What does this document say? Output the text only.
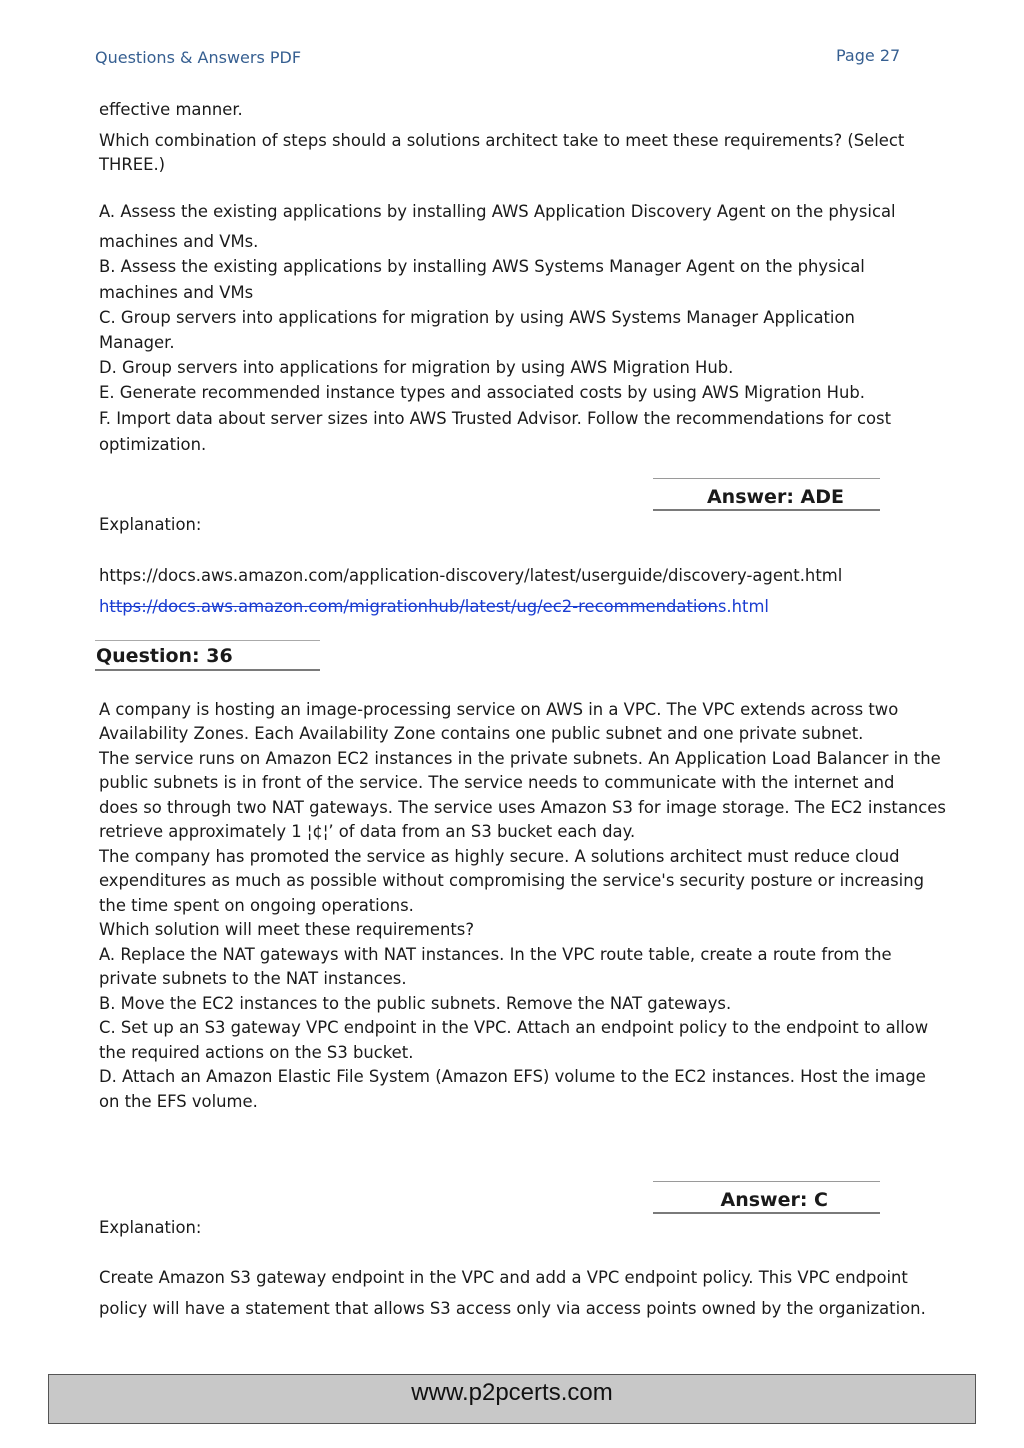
Questions & Answers PDF	Page 27
effective manner.
Which combination of steps should a solutions architect take to meet these requirements? (Select
THREE.)
A. Assess the existing applications by installing AWS Application Discovery Agent on the physical
machines and VMs.
B. Assess the existing applications by installing AWS Systems Manager Agent on the physical
machines and VMs
C. Group servers into applications for migration by using AWS Systems Manager Application
Manager.
D. Group servers into applications for migration by using AWS Migration Hub.
E. Generate recommended instance types and associated costs by using AWS Migration Hub.
F. Import data about server sizes into AWS Trusted Advisor. Follow the recommendations for cost
optimization.
Answer: ADE
Explanation:
https://docs.aws.amazon.com/application-discovery/latest/userguide/discovery-agent.html
https://docs.aws.amazon.com/migrationhub/latest/ug/ec2-recommendations.html
Question: 36
A company is hosting an image-processing service on AWS in a VPC. The VPC extends across two
Availability Zones. Each Availability Zone contains one public subnet and one private subnet.
The service runs on Amazon EC2 instances in the private subnets. An Application Load Balancer in the
public subnets is in front of the service. The service needs to communicate with the internet and
does so through two NAT gateways. The service uses Amazon S3 for image storage. The EC2 instances
retrieve approximately 1 ¦¢¦’ of data from an S3 bucket each day.
The company has promoted the service as highly secure. A solutions architect must reduce cloud
expenditures as much as possible without compromising the service's security posture or increasing
the time spent on ongoing operations.
Which solution will meet these requirements?
A. Replace the NAT gateways with NAT instances. In the VPC route table, create a route from the
private subnets to the NAT instances.
B. Move the EC2 instances to the public subnets. Remove the NAT gateways.
C. Set up an S3 gateway VPC endpoint in the VPC. Attach an endpoint policy to the endpoint to allow
the required actions on the S3 bucket.
D. Attach an Amazon Elastic File System (Amazon EFS) volume to the EC2 instances. Host the image
on the EFS volume.
Answer: C
Explanation:
Create Amazon S3 gateway endpoint in the VPC and add a VPC endpoint policy. This VPC endpoint
policy will have a statement that allows S3 access only via access points owned by the organization.
www.p2pcerts.com
